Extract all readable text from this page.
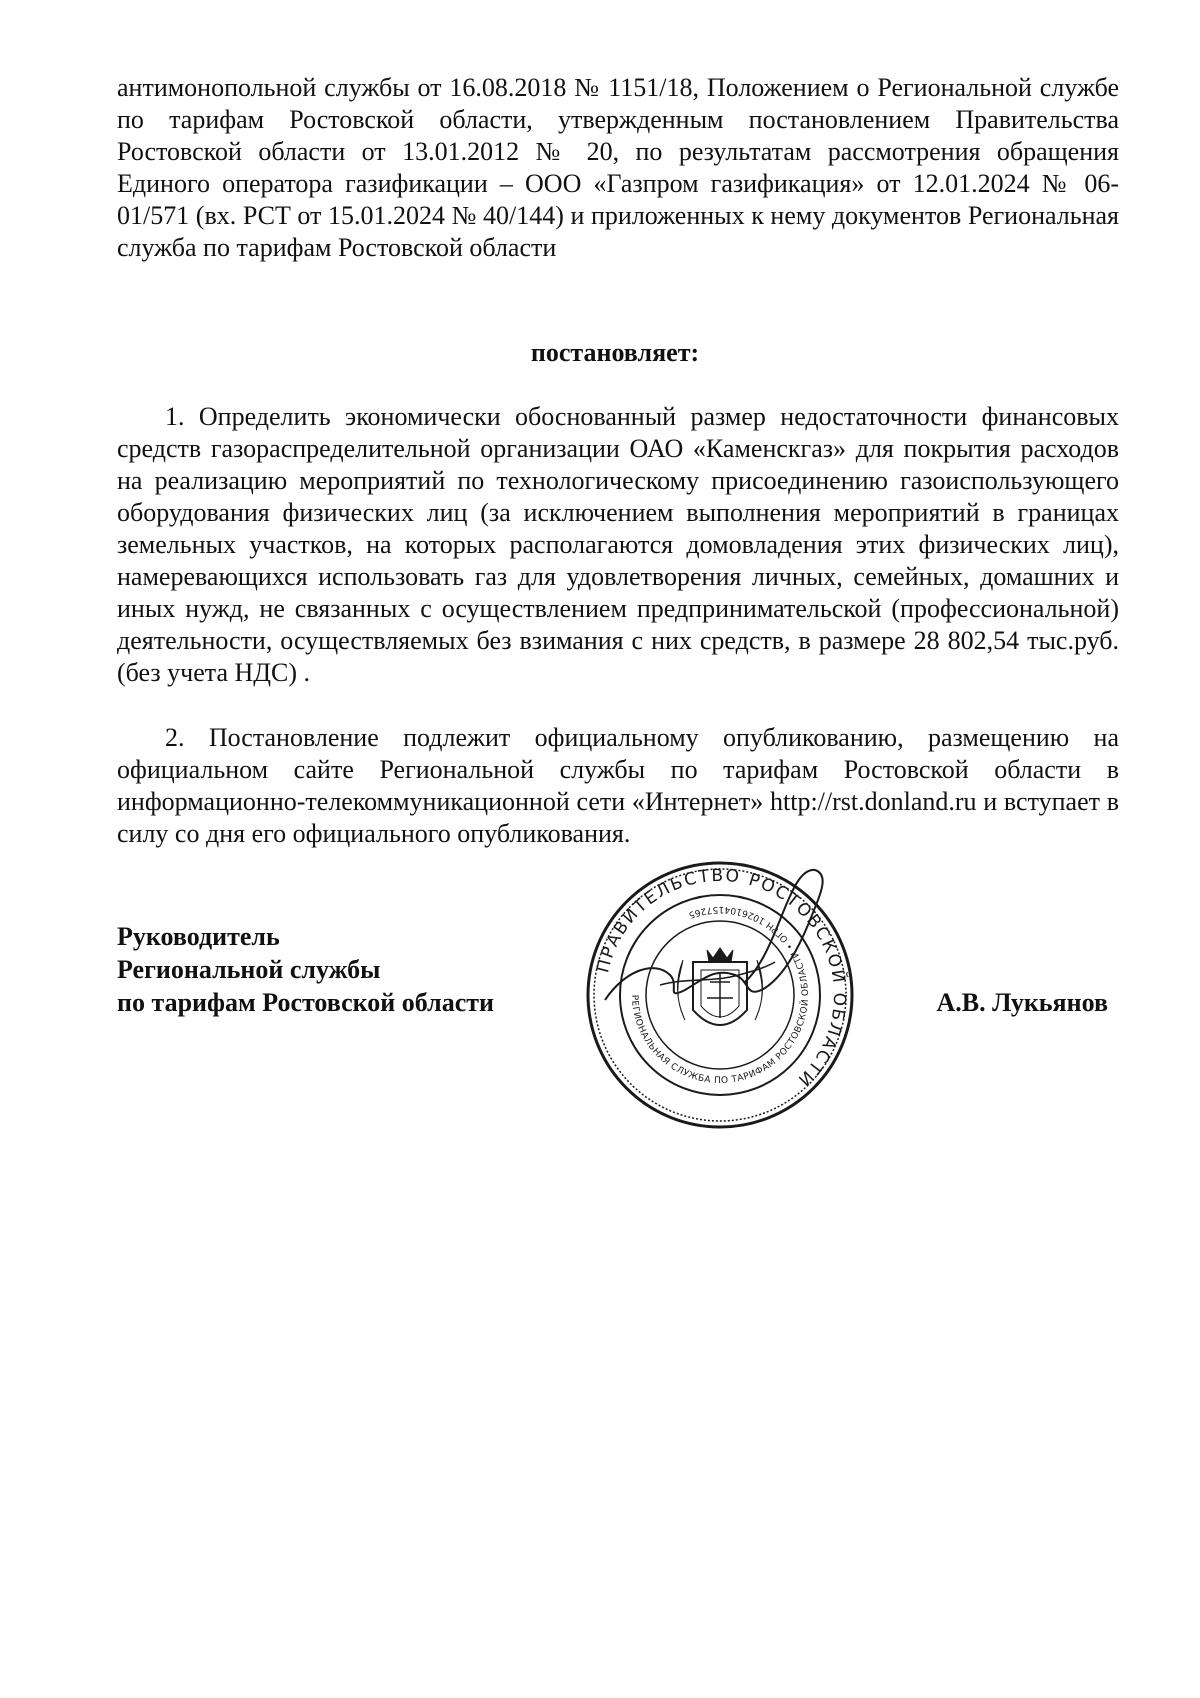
антимонопольной службы от 16.08.2018 № 1151/18, Положением о Региональной службе по тарифам Ростовской области, утвержденным постановлением Правительства Ростовской области от 13.01.2012 № 20, по результатам рассмотрения обращения Единого оператора газификации – ООО «Газпром газификация» от 12.01.2024 № 06-01/571 (вх. РСТ от 15.01.2024 № 40/144) и приложенных к нему документов Региональная служба по тарифам Ростовской области

постановляет:

1. Определить экономически обоснованный размер недостаточности финансовых средств газораспределительной организации ОАО «Каменскгаз» для покрытия расходов на реализацию мероприятий по технологическому присоединению газоиспользующего оборудования физических лиц (за исключением выполнения мероприятий в границах земельных участков, на которых располагаются домовладения этих физических лиц), намеревающихся использовать газ для удовлетворения личных, семейных, домашних и иных нужд, не связанных с осуществлением предпринимательской (профессиональной) деятельности, осуществляемых без взимания с них средств, в размере 28 802,54 тыс.руб. (без учета НДС) .

2. Постановление подлежит официальному опубликованию, размещению на официальном сайте Региональной службы по тарифам Ростовской области в информационно-телекоммуникационной сети «Интернет» http://rst.donland.ru и вступает в силу со дня его официального опубликования.

Руководитель
Региональной службы
по тарифам Ростовской области	А.В. Лукьянов
ПРАВИТЕЛЬСТВО РОСТОВСКОЙ ОБЛАСТИ
РЕГИОНАЛЬНАЯ СЛУЖБА ПО ТАРИФАМ РОСТОВСКОЙ ОБЛАСТИ • ОГРН 1026104157265
